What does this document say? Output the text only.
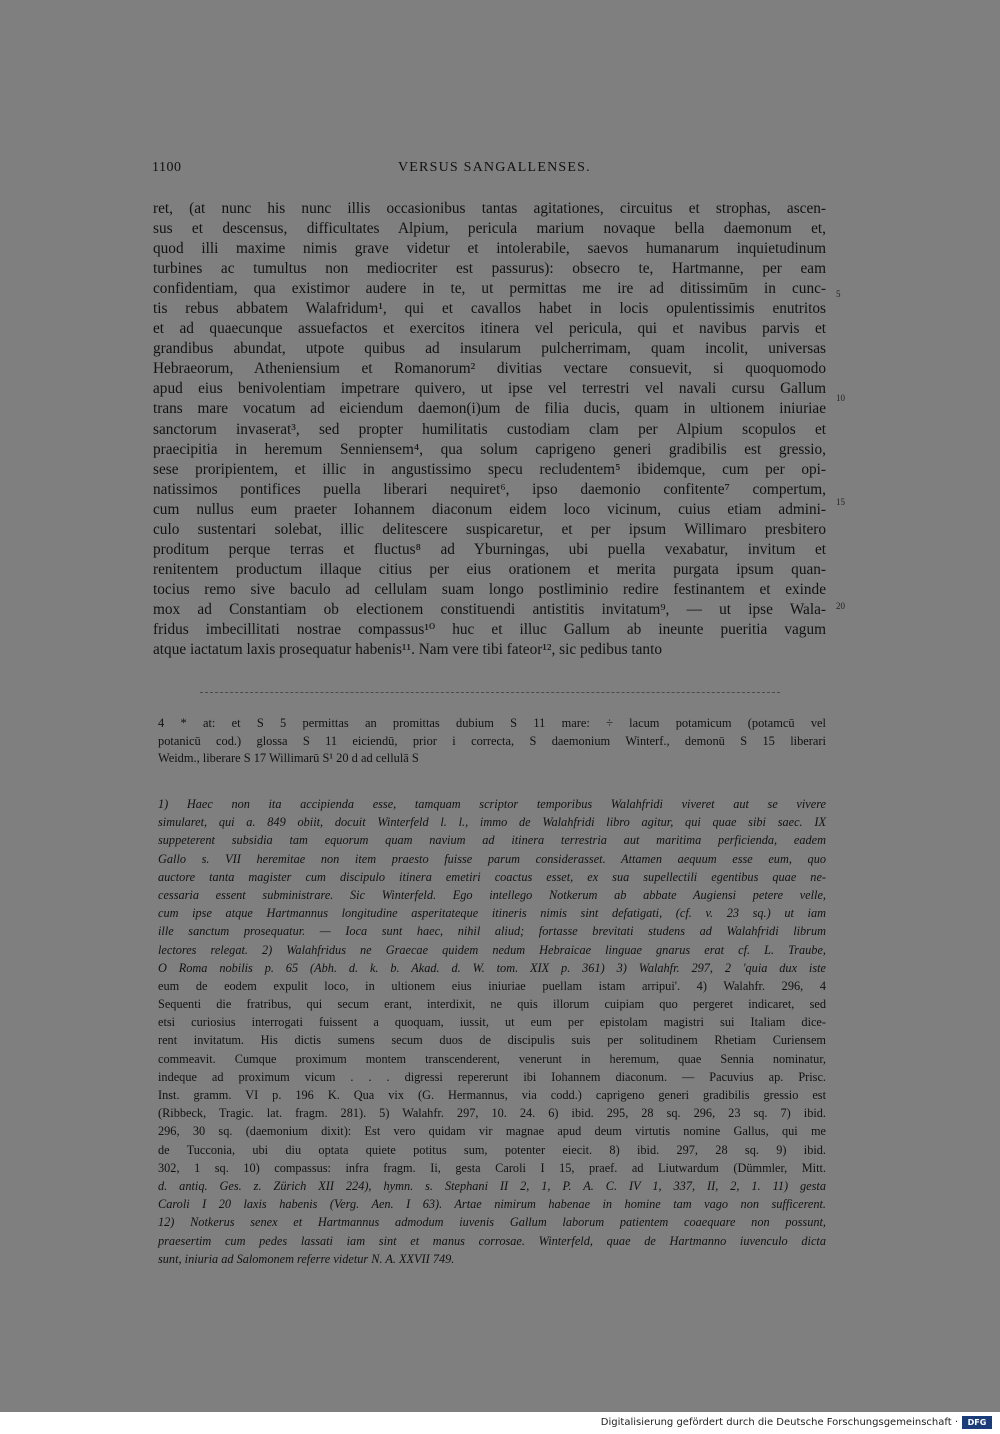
1100	VERSUS SANGALLENSES.
ret, (at nunc his nunc illis occasionibus tantas agitationes, circuitus et strophas, ascen-
sus et descensus, difficultates Alpium, pericula marium novaque bella daemonum et,
quod illi maxime nimis grave videtur et intolerabile, saevos humanarum inquietudinum
turbines ac tumultus non mediocriter est passurus): obsecro te, Hartmanne, per eam
confidentiam, qua existimor audere in te, ut permittas me ire ad ditissimūm in cunc-
tis rebus abbatem Walafridum¹, qui et cavallos habet in locis opulentissimis enutritos
et ad quaecunque assuefactos et exercitos itinera vel pericula, qui et navibus parvis et
grandibus abundat, utpote quibus ad insularum pulcherrimam, quam incolit, universas
Hebraeorum, Atheniensium et Romanorum² divitias vectare consuevit, si quoquomodo
apud eius benivolentiam impetrare quivero, ut ipse vel terrestri vel navali cursu Gallum
trans mare vocatum ad eiciendum daemon(i)um de filia ducis, quam in ultionem iniuriae
sanctorum invaserat³, sed propter humilitatis custodiam clam per Alpium scopulos et
praecipitia in heremum Senniensem⁴, qua solum caprigeno generi gradibilis est gressio,
sese proripientem, et illic in angustissimo specu recludentem⁵ ibidemque, cum per opi-
natissimos pontifices puella liberari nequiret⁶, ipso daemonio confitente⁷ compertum,
cum nullus eum praeter Iohannem diaconum eidem loco vicinum, cuius etiam admini-
culo sustentari solebat, illic delitescere suspicaretur, et per ipsum Willimaro presbitero
proditum perque terras et fluctus⁸ ad Yburningas, ubi puella vexabatur, invitum et
renitentem productum illaque citius per eius orationem et merita purgata ipsum quan-
tocius remo sive baculo ad cellulam suam longo postliminio redire festinantem et exinde
mox ad Constantiam ob electionem constituendi antistitis invitatum⁹, — ut ipse Wala-
fridus imbecillitati nostrae compassus¹⁰ huc et illuc Gallum ab ineunte pueritia vagum
atque iactatum laxis prosequatur habenis¹¹. Nam vere tibi fateor¹², sic pedibus tanto
5
10
15
20
4 * at: et S 5 permittas an promittas dubium S 11 mare: ÷ lacum potamicum (potamcū vel
potanicū cod.) glossa S 11 eiciendū, prior i correcta, S daemonium Winterf., demonū S 15 liberari
Weidm., liberare S 17 Willimarū S¹ 20 d ad cellulā S
1) Haec non ita accipienda esse, tamquam scriptor temporibus Walahfridi viveret aut se vivere
simularet, qui a. 849 obiit, docuit Winterfeld l. l., immo de Walahfridi libro agitur, qui quae sibi saec. IX
suppeterent subsidia tam equorum quam navium ad itinera terrestria aut maritima perficienda, eadem
Gallo s. VII heremitae non item praesto fuisse parum considerasset. Attamen aequum esse eum, quo
auctore tanta magister cum discipulo itinera emetiri coactus esset, ex sua supellectili egentibus quae ne-
cessaria essent subministrare. Sic Winterfeld. Ego intellego Notkerum ab abbate Augiensi petere velle,
cum ipse atque Hartmannus longitudine asperitateque itineris nimis sint defatigati, (cf. v. 23 sq.) ut iam
ille sanctum prosequatur. — Ioca sunt haec, nihil aliud; fortasse brevitati studens ad Walahfridi librum
lectores relegat. 2) Walahfridus ne Graecae quidem nedum Hebraicae linguae gnarus erat cf. L. Traube,
O Roma nobilis p. 65 (Abh. d. k. b. Akad. d. W. tom. XIX p. 361) 3) Walahfr. 297, 2 'quia dux iste
eum de eodem expulit loco, in ultionem eius iniuriae puellam istam arripui'. 4) Walahfr. 296, 4
Sequenti die fratribus, qui secum erant, interdixit, ne quis illorum cuipiam quo pergeret indicaret, sed
etsi curiosius interrogati fuissent a quoquam, iussit, ut eum per epistolam magistri sui Italiam dice-
rent invitatum. His dictis sumens secum duos de discipulis suis per solitudinem Rhetiam Curiensem
commeavit. Cumque proximum montem transcenderent, venerunt in heremum, quae Sennia nominatur,
indeque ad proximum vicum . . . digressi repererunt ibi Iohannem diaconum. — Pacuvius ap. Prisc.
Inst. gramm. VI p. 196 K. Qua vix (G. Hermannus, via codd.) caprigeno generi gradibilis gressio est
(Ribbeck, Tragic. lat. fragm. 281). 5) Walahfr. 297, 10. 24. 6) ibid. 295, 28 sq. 296, 23 sq. 7) ibid.
296, 30 sq. (daemonium dixit): Est vero quidam vir magnae apud deum virtutis nomine Gallus, qui me
de Tucconia, ubi diu optata quiete potitus sum, potenter eiecit. 8) ibid. 297, 28 sq. 9) ibid.
302, 1 sq. 10) compassus: infra fragm. Ii, gesta Caroli I 15, praef. ad Liutwardum (Dümmler, Mitt.
d. antiq. Ges. z. Zürich XII 224), hymn. s. Stephani II 2, 1, P. A. C. IV 1, 337, II, 2, 1. 11) gesta
Caroli I 20 laxis habenis (Verg. Aen. I 63). Artae nimirum habenae in homine tam vago non sufficerent.
12) Notkerus senex et Hartmannus admodum iuvenis Gallum laborum patientem coaequare non possunt,
praesertim cum pedes lassati iam sint et manus corrosae. Winterfeld, quae de Hartmanno iuvenculo dicta
sunt, iniuria ad Salomonem referre videtur N. A. XXVII 749.
Digitalisierung gefördert durch die Deutsche Forschungsgemeinschaft ·	DFG
